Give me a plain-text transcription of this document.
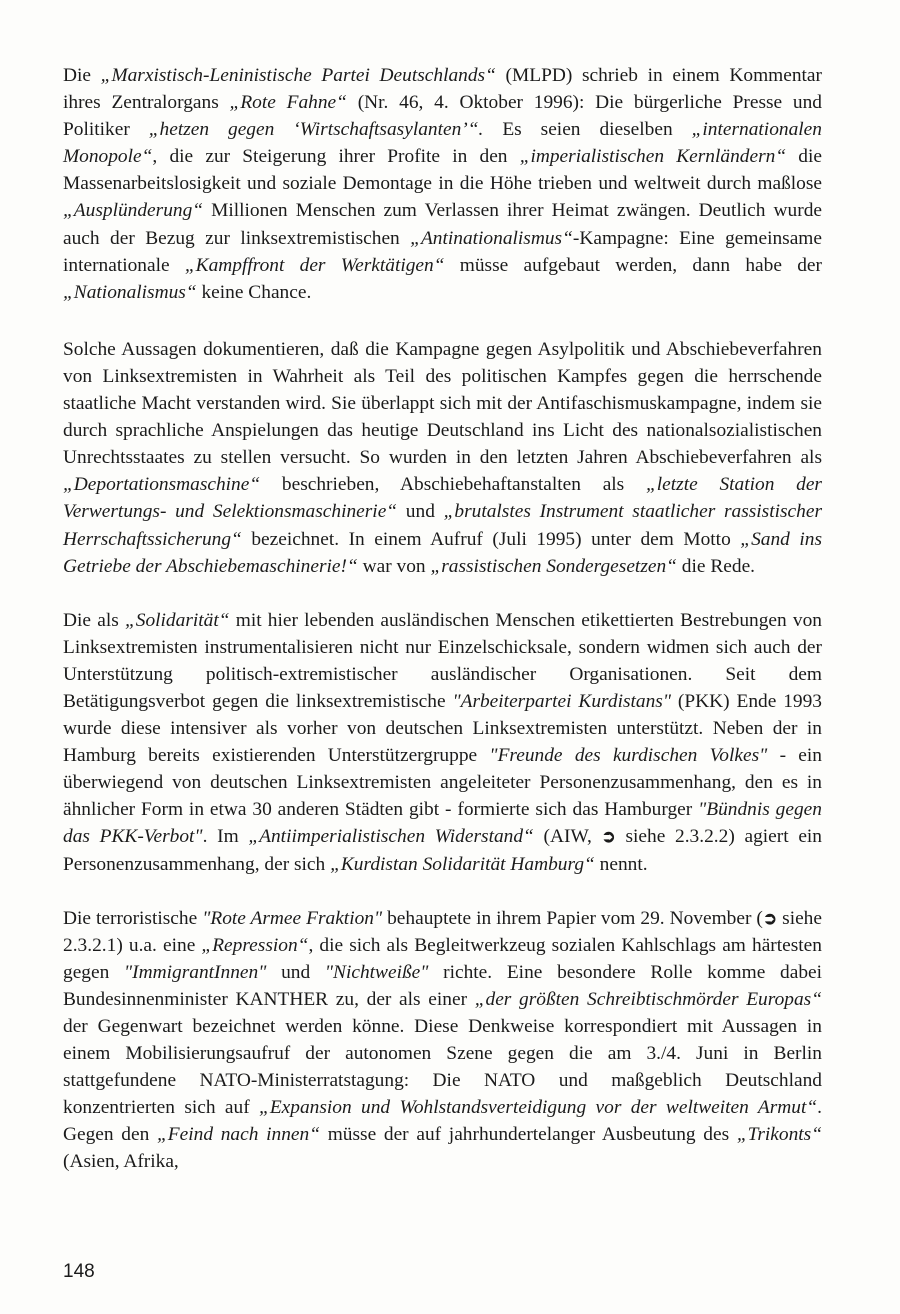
Die „Marxistisch-Leninistische Partei Deutschlands“ (MLPD) schrieb in einem Kommentar ihres Zentralorgans „Rote Fahne“ (Nr. 46, 4. Oktober 1996): Die bürgerliche Presse und Politiker „hetzen gegen ‘Wirtschaftsasylanten’“. Es seien dieselben „internationalen Monopole“, die zur Steigerung ihrer Profite in den „imperialistischen Kernländern“ die Massenarbeitslosigkeit und soziale Demontage in die Höhe trieben und weltweit durch maßlose „Ausplünderung“ Millionen Menschen zum Verlassen ihrer Heimat zwängen. Deutlich wurde auch der Bezug zur linksextremistischen „Antinationalismus“-Kampagne: Eine gemeinsame internationale „Kampffront der Werktätigen“ müsse aufgebaut werden, dann habe der „Nationalismus“ keine Chance.

Solche Aussagen dokumentieren, daß die Kampagne gegen Asylpolitik und Abschiebeverfahren von Linksextremisten in Wahrheit als Teil des politischen Kampfes gegen die herrschende staatliche Macht verstanden wird. Sie überlappt sich mit der Antifaschismuskampagne, indem sie durch sprachliche Anspielungen das heutige Deutschland ins Licht des nationalsozialistischen Unrechtsstaates zu stellen versucht. So wurden in den letzten Jahren Abschiebeverfahren als „Deportationsmaschine“ beschrieben, Abschiebehaftanstalten als „letzte Station der Verwertungs- und Selektionsmaschinerie“ und „brutalstes Instrument staatlicher rassistischer Herrschaftssicherung“ bezeichnet. In einem Aufruf (Juli 1995) unter dem Motto „Sand ins Getriebe der Abschiebemaschinerie!“ war von „rassistischen Sondergesetzen“ die Rede.

Die als „Solidarität“ mit hier lebenden ausländischen Menschen etikettierten Bestrebungen von Linksextremisten instrumentalisieren nicht nur Einzelschicksale, sondern widmen sich auch der Unterstützung politisch-extremistischer ausländischer Organisationen. Seit dem Betätigungsverbot gegen die linksextremistische "Arbeiterpartei Kurdistans" (PKK) Ende 1993 wurde diese intensiver als vorher von deutschen Linksextremisten unterstützt. Neben der in Hamburg bereits existierenden Unterstützergruppe "Freunde des kurdischen Volkes" - ein überwiegend von deutschen Linksextremisten angeleiteter Personenzusammenhang, den es in ähnlicher Form in etwa 30 anderen Städten gibt - formierte sich das Hamburger "Bündnis gegen das PKK-Verbot". Im „Antiimperialistischen Widerstand“ (AIW, ➲ siehe 2.3.2.2) agiert ein Personenzusammenhang, der sich „Kurdistan Solidarität Hamburg“ nennt.

Die terroristische "Rote Armee Fraktion" behauptete in ihrem Papier vom 29. November (➲ siehe 2.3.2.1) u.a. eine „Repression“, die sich als Begleitwerkzeug sozialen Kahlschlags am härtesten gegen "ImmigrantInnen" und "Nichtweiße" richte. Eine besondere Rolle komme dabei Bundesinnenminister KANTHER zu, der als einer „der größten Schreibtischmörder Europas“ der Gegenwart bezeichnet werden könne. Diese Denkweise korrespondiert mit Aussagen in einem Mobilisierungsaufruf der autonomen Szene gegen die am 3./4. Juni in Berlin stattgefundene NATO-Ministerratstagung: Die NATO und maßgeblich Deutschland konzentrierten sich auf „Expansion und Wohlstandsverteidigung vor der weltweiten Armut“. Gegen den „Feind nach innen“ müsse der auf jahrhundertelanger Ausbeutung des „Trikonts“ (Asien, Afrika,

148
